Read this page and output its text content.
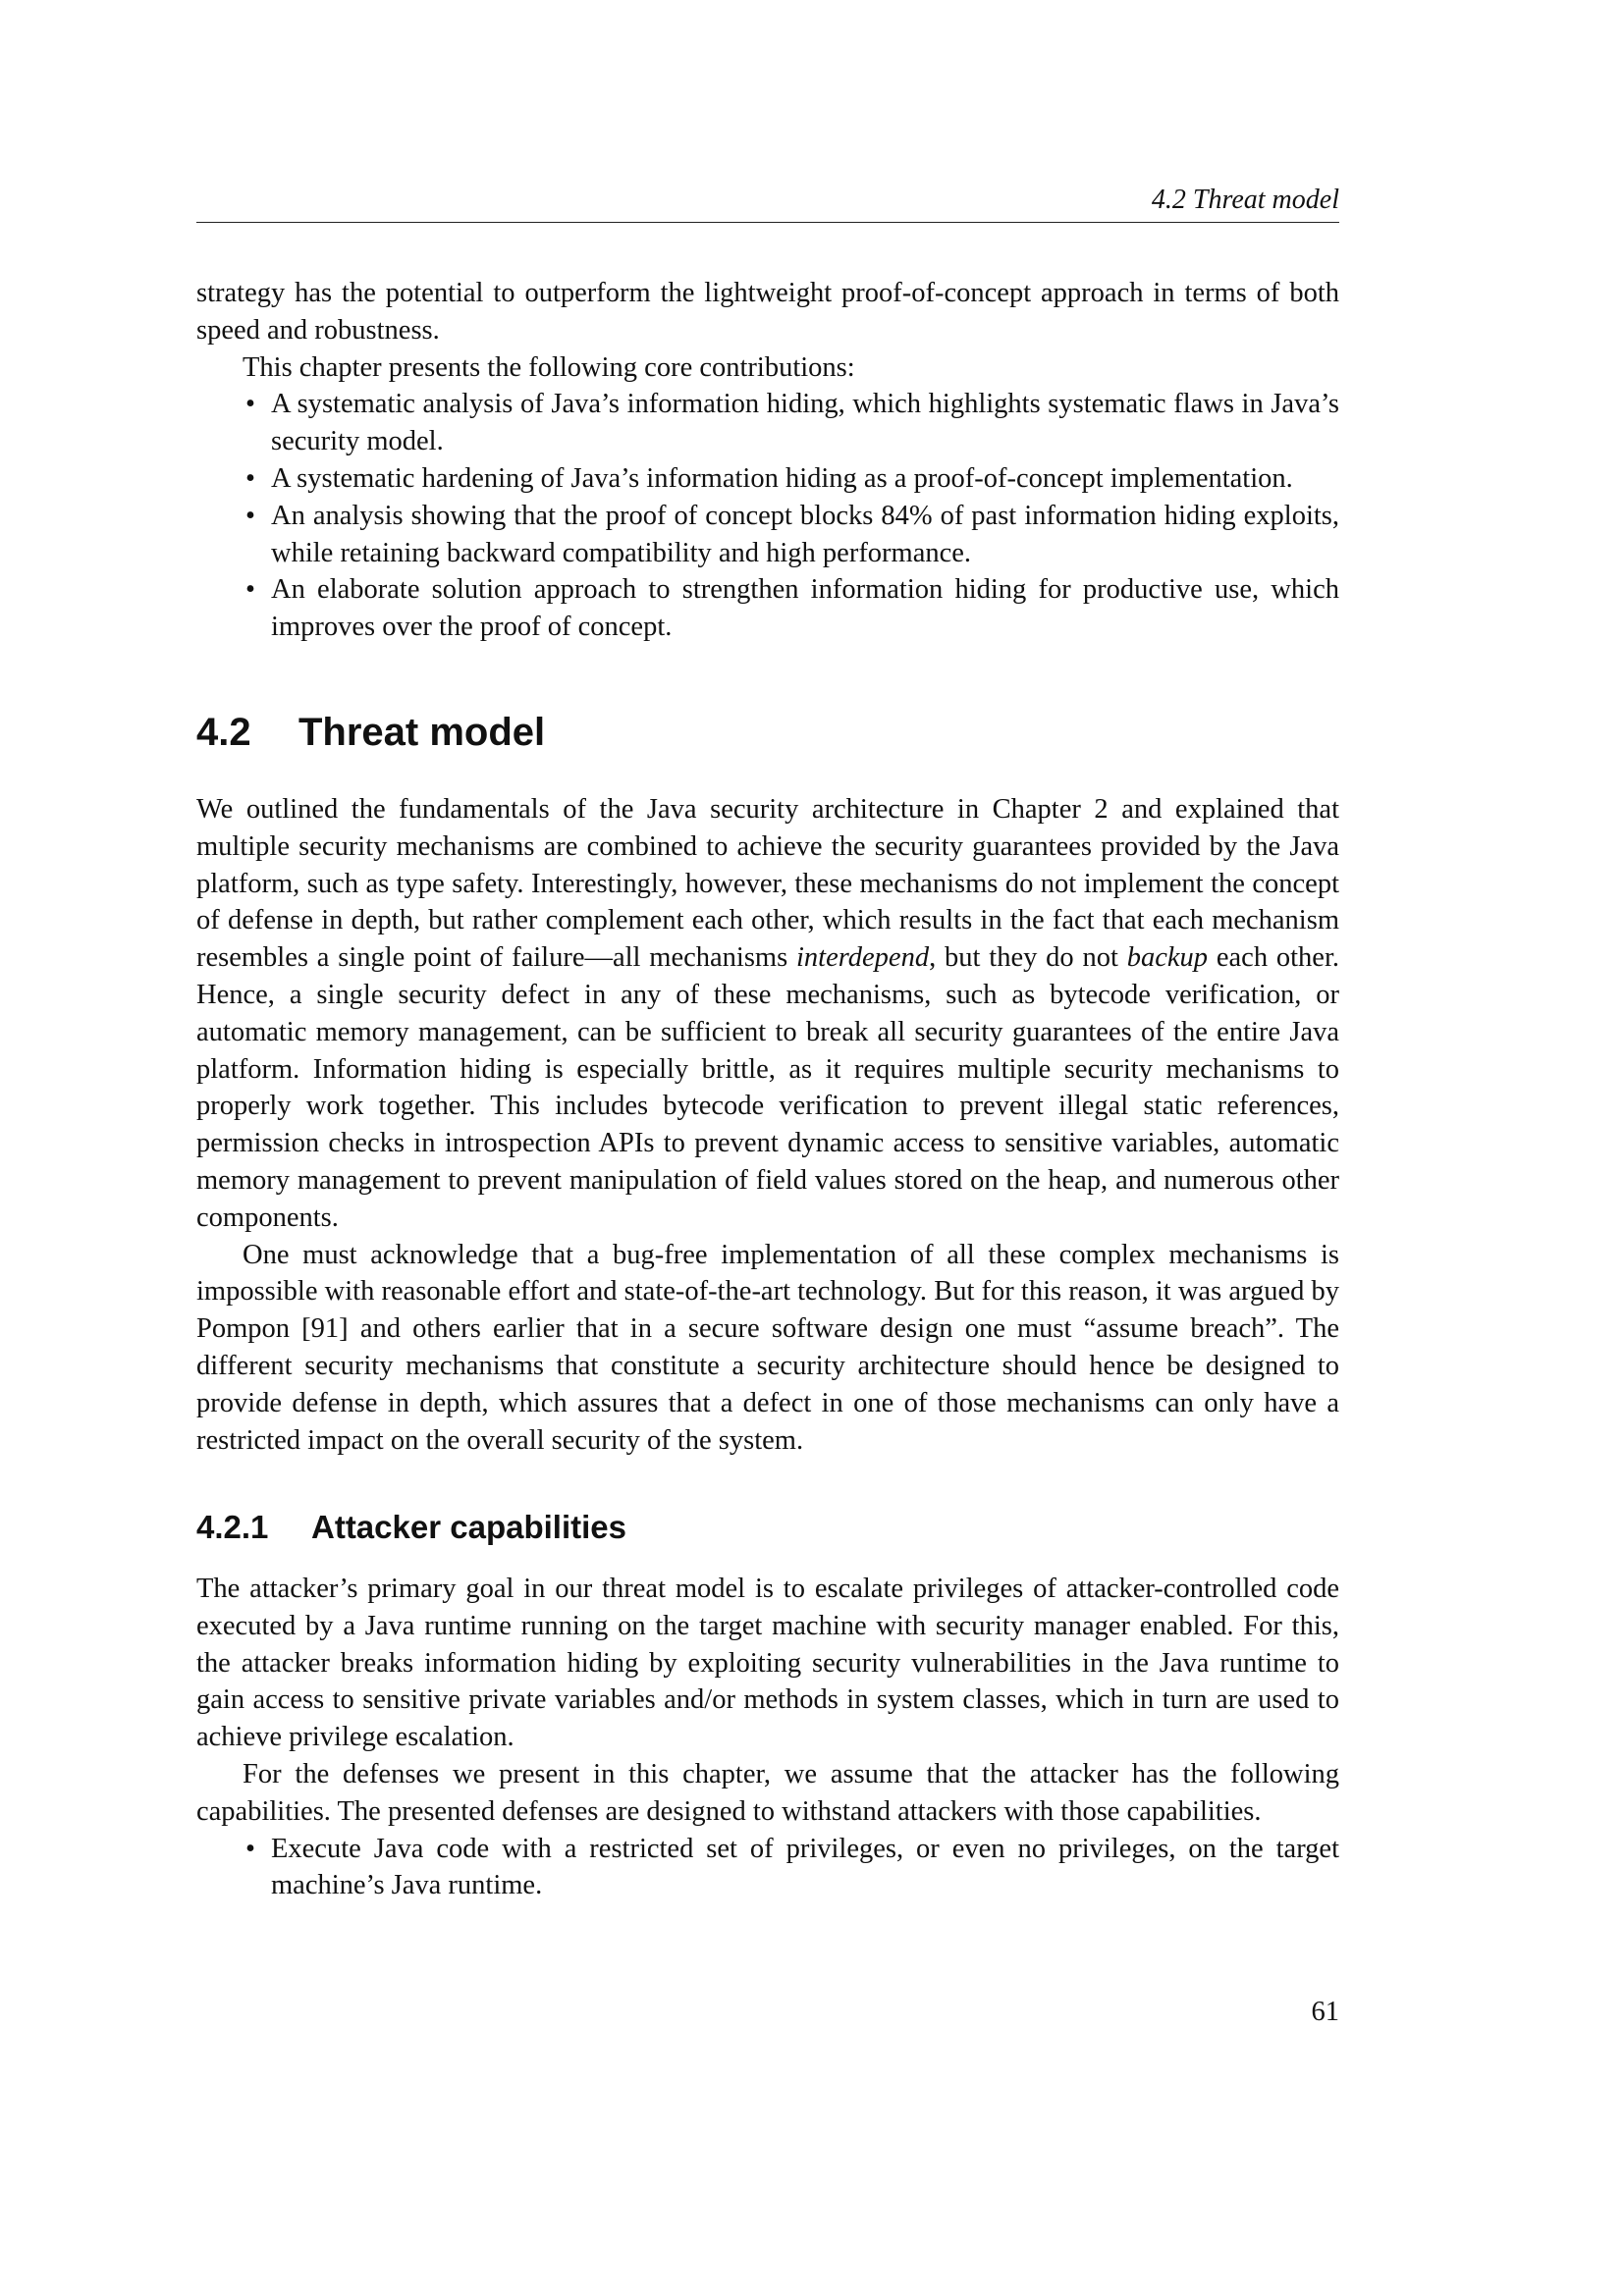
4.2 Threat model

strategy has the potential to outperform the lightweight proof-of-concept approach in terms of both speed and robustness.

This chapter presents the following core contributions:

• A systematic analysis of Java’s information hiding, which highlights systematic flaws in Java’s security model.
• A systematic hardening of Java’s information hiding as a proof-of-concept implementation.
• An analysis showing that the proof of concept blocks 84% of past information hiding exploits, while retaining backward compatibility and high performance.
• An elaborate solution approach to strengthen information hiding for productive use, which improves over the proof of concept.
4.2 Threat model

We outlined the fundamentals of the Java security architecture in Chapter 2 and explained that multiple security mechanisms are combined to achieve the security guarantees provided by the Java platform, such as type safety. Interestingly, however, these mechanisms do not implement the concept of defense in depth, but rather complement each other, which results in the fact that each mechanism resembles a single point of failure—all mechanisms interdepend, but they do not backup each other. Hence, a single security defect in any of these mechanisms, such as bytecode verification, or automatic memory management, can be sufficient to break all security guarantees of the entire Java platform. Information hiding is especially brittle, as it requires multiple security mechanisms to properly work together. This includes bytecode verification to prevent illegal static references, permission checks in introspection APIs to prevent dynamic access to sensitive variables, automatic memory management to prevent manipulation of field values stored on the heap, and numerous other components.

One must acknowledge that a bug-free implementation of all these complex mechanisms is impossible with reasonable effort and state-of-the-art technology. But for this reason, it was argued by Pompon [91] and others earlier that in a secure software design one must “assume breach”. The different security mechanisms that constitute a security architecture should hence be designed to provide defense in depth, which assures that a defect in one of those mechanisms can only have a restricted impact on the overall security of the system.

4.2.1 Attacker capabilities

The attacker’s primary goal in our threat model is to escalate privileges of attacker-controlled code executed by a Java runtime running on the target machine with security manager enabled. For this, the attacker breaks information hiding by exploiting security vulnerabilities in the Java runtime to gain access to sensitive private variables and/or methods in system classes, which in turn are used to achieve privilege escalation.

For the defenses we present in this chapter, we assume that the attacker has the following capabilities. The presented defenses are designed to withstand attackers with those capabilities.

• Execute Java code with a restricted set of privileges, or even no privileges, on the target machine’s Java runtime.
61
